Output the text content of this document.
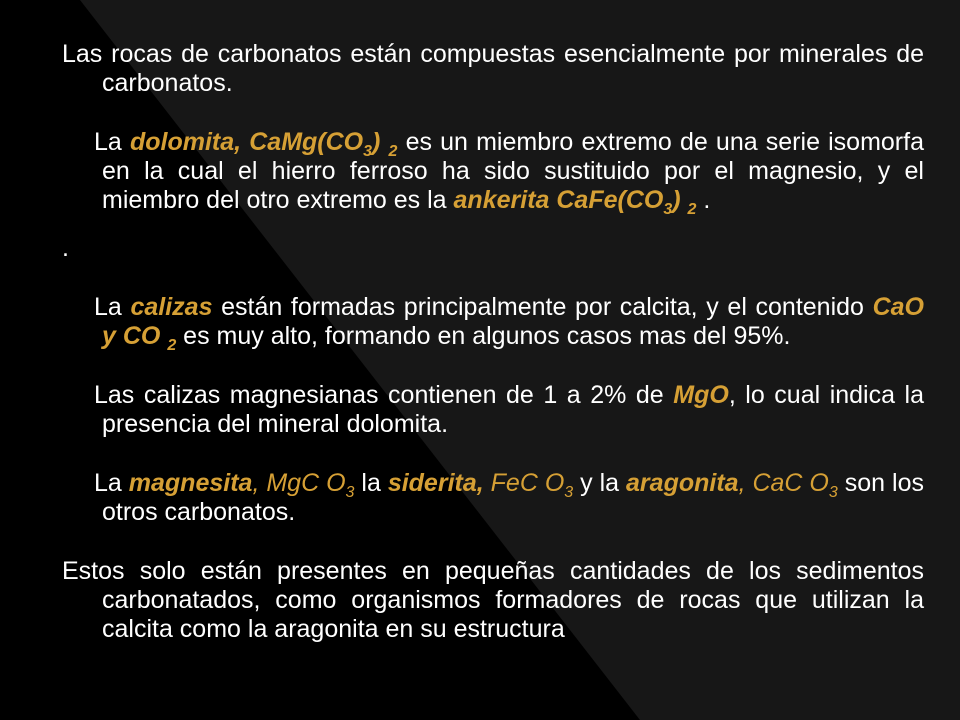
Las rocas de carbonatos están compuestas esencialmente por minerales de carbonatos.

La dolomita, $CaMg(CO_3)$ $_2$ es un miembro extremo de una serie isomorfa en la cual el hierro ferroso ha sido sustituido por el magnesio, y el miembro del otro extremo es la ankerita $CaFe(CO_3)$ $_2$ .

.

La calizas están formadas principalmente por calcita, y el contenido CaO y CO $_2$ es muy alto, formando en algunos casos mas del 95%.

Las calizas magnesianas contienen de 1 a 2% de MgO, lo cual indica la presencia del mineral dolomita.

La magnesita, MgC $O_3$ la siderita, FeC $O_3$ y la aragonita, CaC $O_3$ son los otros carbonatos.

Estos solo están presentes en pequeñas cantidades de los sedimentos carbonatados, como organismos formadores de rocas que utilizan la calcita como la aragonita en su estructura
